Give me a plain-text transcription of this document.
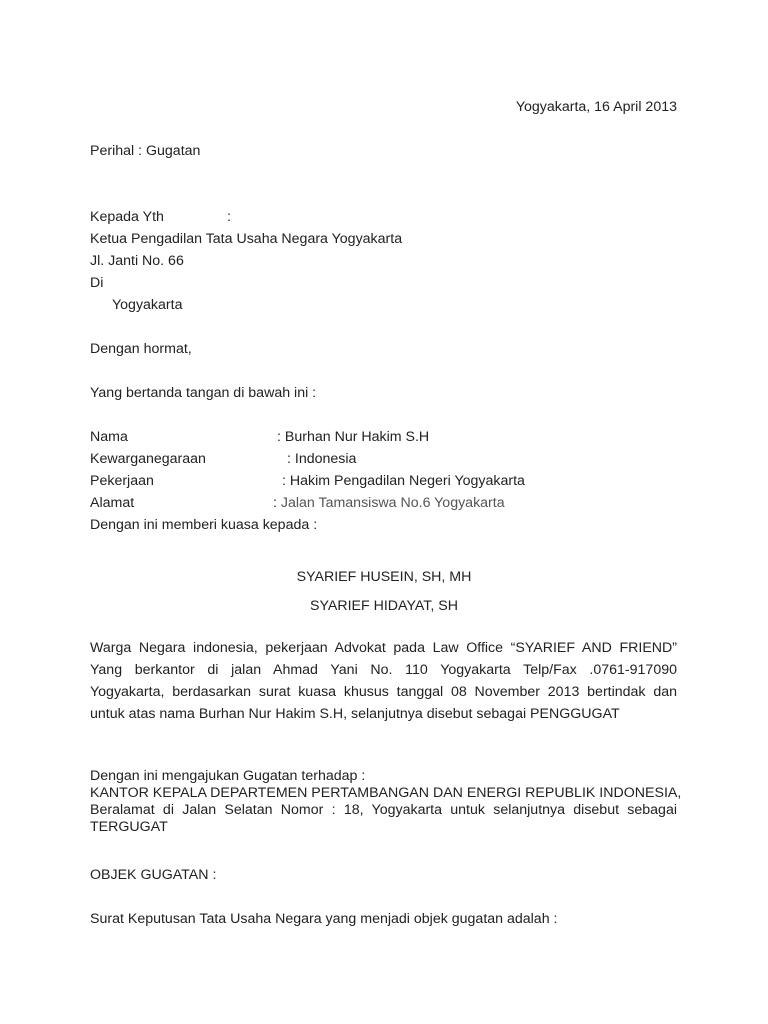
Yogyakarta, 16 April 2013
Perihal : Gugatan
Kepada Yth	:
Ketua Pengadilan Tata Usaha Negara Yogyakarta
Jl. Janti No. 66
Di
Yogyakarta
Dengan hormat,
Yang bertanda tangan di bawah ini :
Nama	: Burhan Nur Hakim S.H
Kewarganegaraan	: Indonesia
Pekerjaan	: Hakim Pengadilan Negeri Yogyakarta
Alamat	: Jalan Tamansiswa No.6 Yogyakarta
Dengan ini memberi kuasa kepada :
SYARIEF HUSEIN, SH, MH
SYARIEF HIDAYAT, SH
Warga Negara indonesia, pekerjaan Advokat pada Law Office “SYARIEF AND FRIEND”
Yang berkantor di jalan Ahmad Yani No. 110 Yogyakarta Telp/Fax .0761-917090
Yogyakarta, berdasarkan surat kuasa khusus tanggal 08 November 2013 bertindak dan
untuk atas nama Burhan Nur Hakim S.H, selanjutnya disebut sebagai PENGGUGAT
Dengan ini mengajukan Gugatan terhadap :
KANTOR KEPALA DEPARTEMEN PERTAMBANGAN DAN ENERGI REPUBLIK INDONESIA,
Beralamat di Jalan Selatan Nomor : 18, Yogyakarta untuk selanjutnya disebut sebagai
TERGUGAT
OBJEK GUGATAN :
Surat Keputusan Tata Usaha Negara yang menjadi objek gugatan adalah :
